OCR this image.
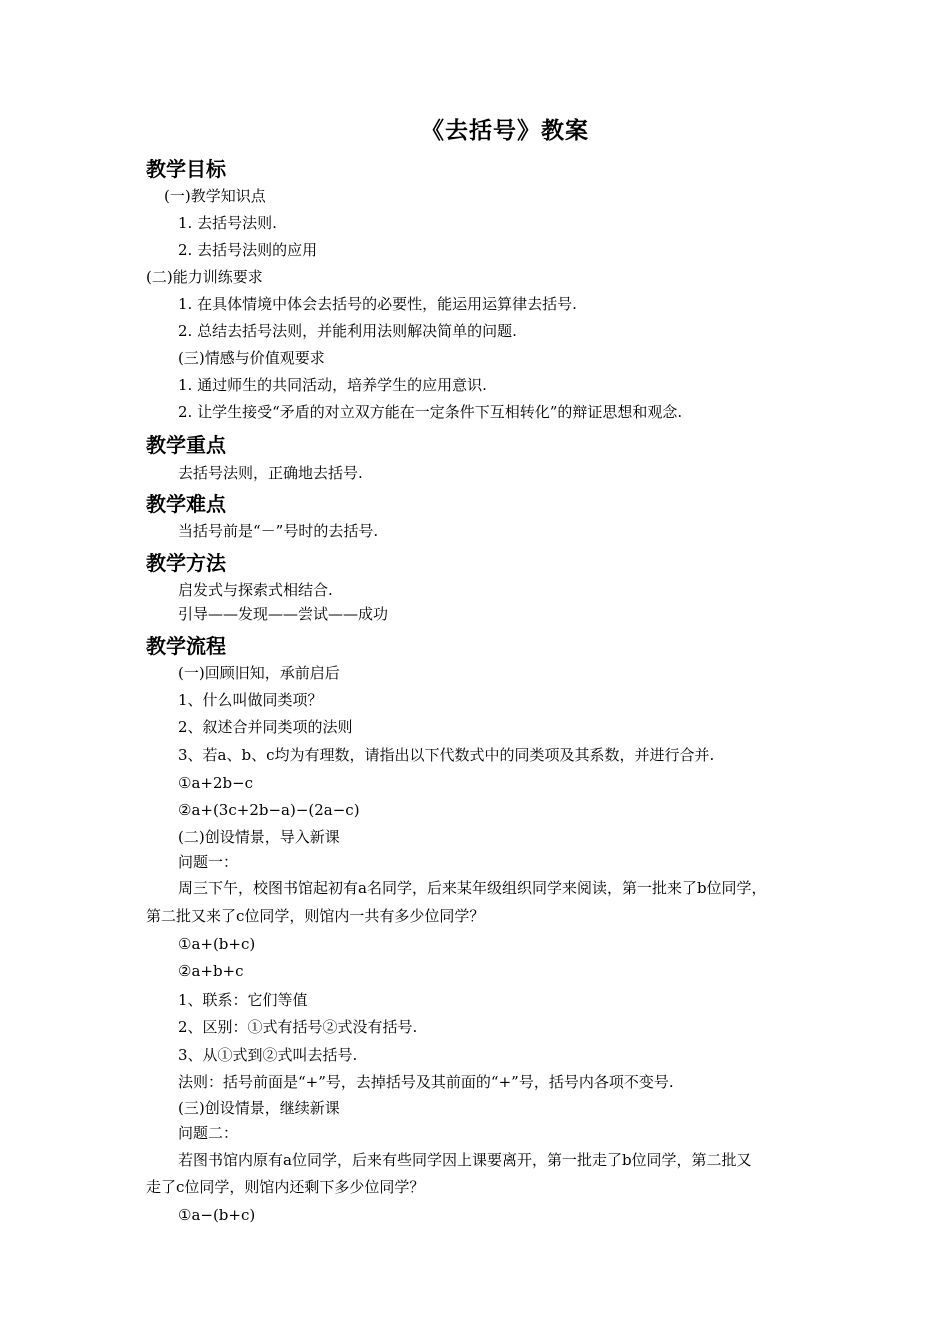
《去括号》教案
教学目标
(一)教学知识点
1. 去括号法则.
2. 去括号法则的应用
(二)能力训练要求
1. 在具体情境中体会去括号的必要性，能运用运算律去括号.
2. 总结去括号法则，并能利用法则解决简单的问题.
(三)情感与价值观要求
1. 通过师生的共同活动，培养学生的应用意识.
2. 让学生接受“矛盾的对立双方能在一定条件下互相转化”的辩证思想和观念.
教学重点
去括号法则，正确地去括号.
教学难点
当括号前是“－”号时的去括号.
教学方法
启发式与探索式相结合.
引导——发现——尝试——成功
教学流程
(一)回顾旧知，承前启后
1、什么叫做同类项？
2、叙述合并同类项的法则
3、若a、b、c均为有理数，请指出以下代数式中的同类项及其系数，并进行合并.
①a+2b−c
②a+(3c+2b−a)−(2a−c)
(二)创设情景，导入新课
问题一：
周三下午，校图书馆起初有a名同学，后来某年级组织同学来阅读，第一批来了b位同学，
第二批又来了c位同学，则馆内一共有多少位同学？
①a+(b+c)
②a+b+c
1、联系：它们等值
2、区别：①式有括号②式没有括号.
3、从①式到②式叫去括号.
法则：括号前面是“+”号，去掉括号及其前面的“+”号，括号内各项不变号.
(三)创设情景，继续新课
问题二：
若图书馆内原有a位同学，后来有些同学因上课要离开，第一批走了b位同学，第二批又
走了c位同学，则馆内还剩下多少位同学？
①a−(b+c)
